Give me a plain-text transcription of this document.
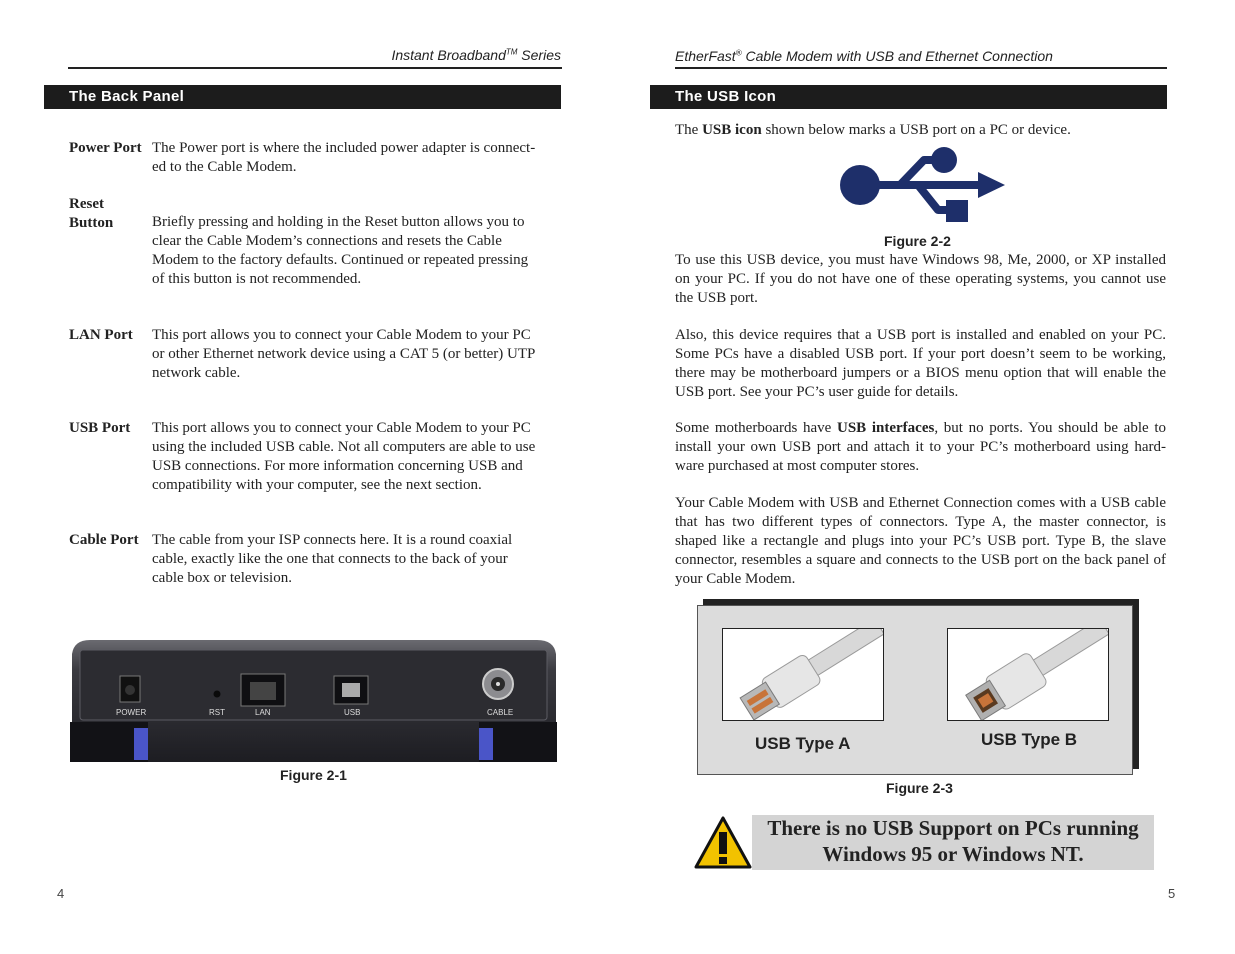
Instant Broadband™ Series
The Back Panel
Power Port The Power port is where the included power adapter is connect-
ed to the Cable Modem.
Reset
Button	Briefly pressing and holding in the Reset button allows you to
clear the Cable Modem’s connections and resets the Cable
Modem to the factory defaults. Continued or repeated pressing
of this button is not recommended.
LAN Port This port allows you to connect your Cable Modem to your PC
or other Ethernet network device using a CAT 5 (or better) UTP
network cable.
USB Port This port allows you to connect your Cable Modem to your PC
using the included USB cable. Not all computers are able to use
USB connections. For more information concerning USB and
compatibility with your computer, see the next section.
Cable Port The cable from your ISP connects here. It is a round coaxial
cable, exactly like the one that connects to the back of your
cable box or television.
POWER	RST	LAN	USB	CABLE
Figure 2-1
4
EtherFast® Cable Modem with USB and Ethernet Connection
The USB Icon
The USB icon shown below marks a USB port on a PC or device.
Figure 2-2
To use this USB device, you must have Windows 98, Me, 2000, or XP installed on your PC. If you do not have one of these operating systems, you cannot use the USB port.
Also, this device requires that a USB port is installed and enabled on your PC. Some PCs have a disabled USB port. If your port doesn’t seem to be working, there may be motherboard jumpers or a BIOS menu option that will enable the USB port. See your PC’s user guide for details.
Some motherboards have USB interfaces, but no ports. You should be able to install your own USB port and attach it to your PC’s motherboard using hard-ware purchased at most computer stores.
Your Cable Modem with USB and Ethernet Connection comes with a USB cable that has two different types of connectors. Type A, the master connector, is shaped like a rectangle and plugs into your PC’s USB port. Type B, the slave connector, resembles a square and connects to the USB port on the back panel of your Cable Modem.
USB Type A	USB Type B
Figure 2-3
There is no USB Support on PCs running
Windows 95 or Windows NT.
5
